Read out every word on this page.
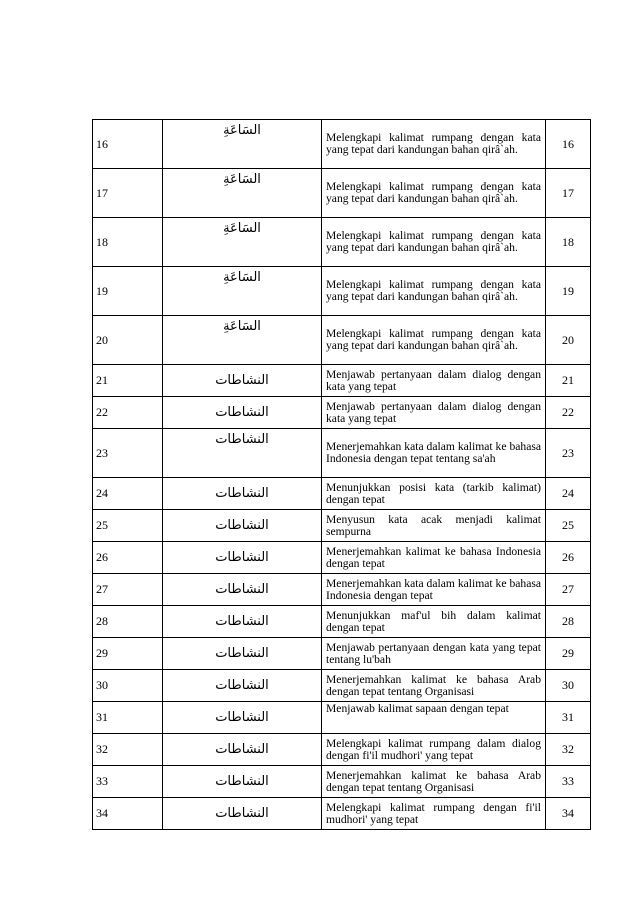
16	السَاعَةِ	Melengkapi kalimat rumpang dengan kata yang tepat dari kandungan bahan qirâ`ah.	16
17	السَاعَةِ	Melengkapi kalimat rumpang dengan kata yang tepat dari kandungan bahan qirâ`ah.	17
18	السَاعَةِ	Melengkapi kalimat rumpang dengan kata yang tepat dari kandungan bahan qirâ`ah.	18
19	السَاعَةِ	Melengkapi kalimat rumpang dengan kata yang tepat dari kandungan bahan qirâ`ah.	19
20	السَاعَةِ	Melengkapi kalimat rumpang dengan kata yang tepat dari kandungan bahan qirâ`ah.	20
21	النشاطات	Menjawab pertanyaan dalam dialog dengan kata yang tepat	21
22	النشاطات	Menjawab pertanyaan dalam dialog dengan kata yang tepat	22
23	النشاطات	Menerjemahkan kata dalam kalimat ke bahasa Indonesia dengan tepat tentang sa'ah	23
24	النشاطات	Menunjukkan posisi kata (tarkib kalimat) dengan tepat	24
25	النشاطات	Menyusun kata acak menjadi kalimat sempurna	25
26	النشاطات	Menerjemahkan kalimat ke bahasa Indonesia dengan tepat	26
27	النشاطات	Menerjemahkan kata dalam kalimat ke bahasa Indonesia dengan tepat	27
28	النشاطات	Menunjukkan maf'ul bih dalam kalimat dengan tepat	28
29	النشاطات	Menjawab pertanyaan dengan kata yang tepat tentang lu'bah	29
30	النشاطات	Menerjemahkan kalimat ke bahasa Arab dengan tepat tentang Organisasi	30
31	النشاطات	Menjawab kalimat sapaan dengan tepat	31
32	النشاطات	Melengkapi kalimat rumpang dalam dialog dengan fi'il mudhori' yang tepat	32
33	النشاطات	Menerjemahkan kalimat ke bahasa Arab dengan tepat tentang Organisasi	33
34	النشاطات	Melengkapi kalimat rumpang dengan fi'il mudhori' yang tepat	34
